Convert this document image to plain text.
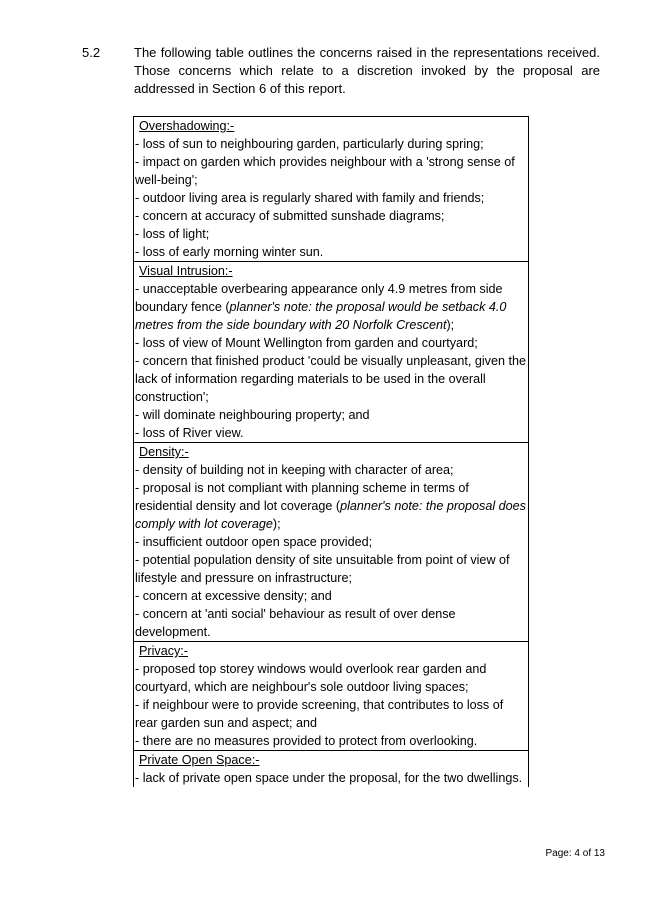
5.2	The following table outlines the concerns raised in the representations received.
Those concerns which relate to a discretion invoked by the proposal are
addressed in Section 6 of this report.
Overshadowing:-
- loss of sun to neighbouring garden, particularly during spring;
- impact on garden which provides neighbour with a 'strong sense of well-being';
- outdoor living area is regularly shared with family and friends;
- concern at accuracy of submitted sunshade diagrams;
- loss of light;
- loss of early morning winter sun.

Visual Intrusion:-
- unacceptable overbearing appearance only 4.9 metres from side boundary fence (planner's note: the proposal would be setback 4.0 metres from the side boundary with 20 Norfolk Crescent);
- loss of view of Mount Wellington from garden and courtyard;
- concern that finished product 'could be visually unpleasant, given the lack of information regarding materials to be used in the overall construction';
- will dominate neighbouring property; and
- loss of River view.

Density:-
- density of building not in keeping with character of area;
- proposal is not compliant with planning scheme in terms of residential density and lot coverage (planner's note: the proposal does comply with lot coverage);
- insufficient outdoor open space provided;
- potential population density of site unsuitable from point of view of lifestyle and pressure on infrastructure;
- concern at excessive density; and
- concern at 'anti social' behaviour as result of over dense development.

Privacy:-
- proposed top storey windows would overlook rear garden and courtyard, which are neighbour's sole outdoor living spaces;
- if neighbour were to provide screening, that contributes to loss of rear garden sun and aspect; and
- there are no measures provided to protect from overlooking.

Private Open Space:-
- lack of private open space under the proposal, for the two dwellings.
Page: 4 of 13
